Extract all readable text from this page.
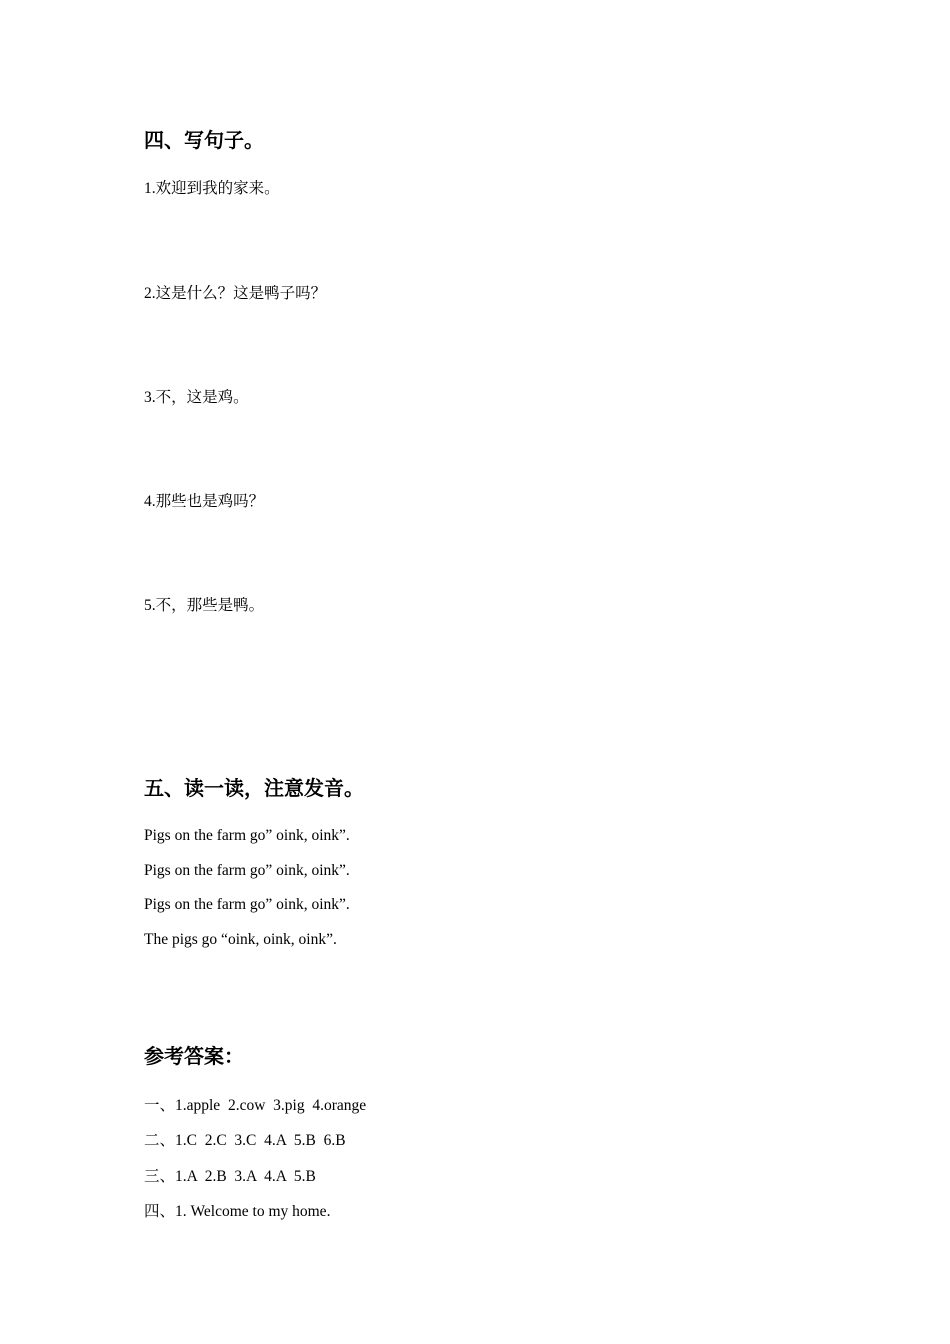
四、写句子。
1.欢迎到我的家来。
2.这是什么？这是鸭子吗？
3.不，这是鸡。
4.那些也是鸡吗？
5.不，那些是鸭。
五、读一读，注意发音。
Pigs on the farm go” oink, oink”.
Pigs on the farm go” oink, oink”.
Pigs on the farm go” oink, oink”.
The pigs go “oink, oink, oink”.
参考答案：
一、1.apple  2.cow  3.pig  4.orange
二、1.C  2.C  3.C  4.A  5.B  6.B
三、1.A  2.B  3.A  4.A  5.B
四、1. Welcome to my home.
